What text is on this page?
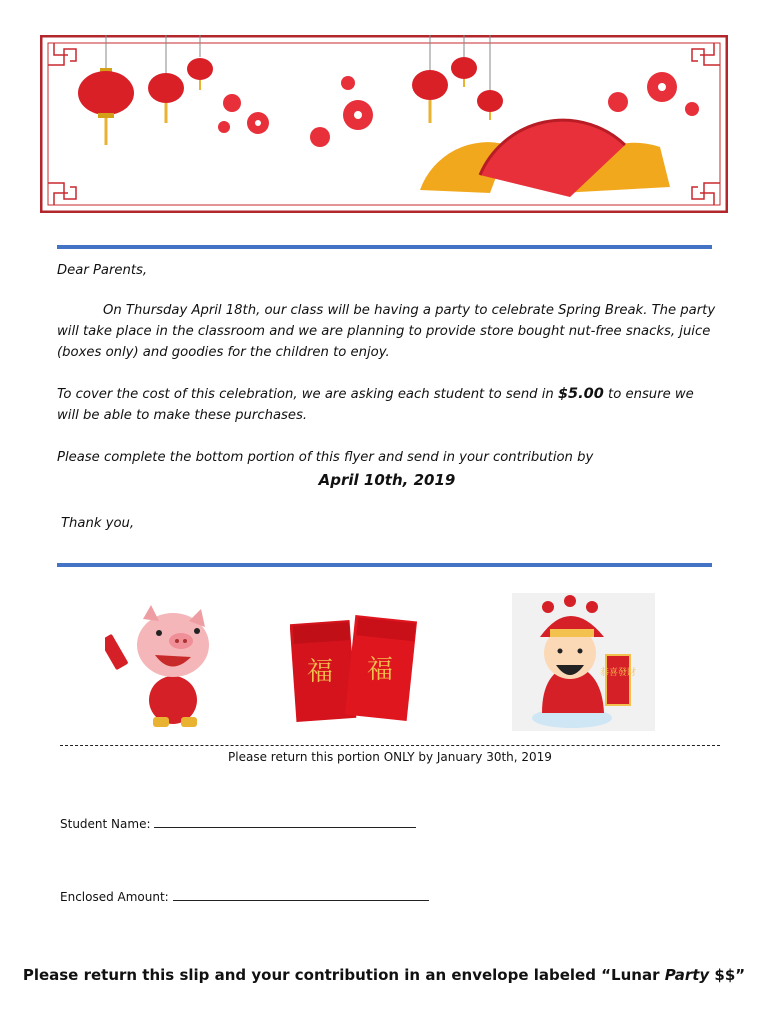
Dear Parents,

On Thursday April 18th, our class will be having a party to celebrate Spring Break. The party will take place in the classroom and we are planning to provide store bought nut-free snacks, juice (boxes only) and goodies for the children to enjoy.

To cover the cost of this celebration, we are asking each student to send in $5.00 to ensure we will be able to make these purchases.

Please complete the bottom portion of this flyer and send in your contribution by

April 10th, 2019

Thank you,

福 福	恭喜發財
Please return this portion ONLY by January 30th, 2019
Student Name:
Enclosed Amount:
Please return this slip and your contribution in an envelope labeled “Lunar Party $$”
